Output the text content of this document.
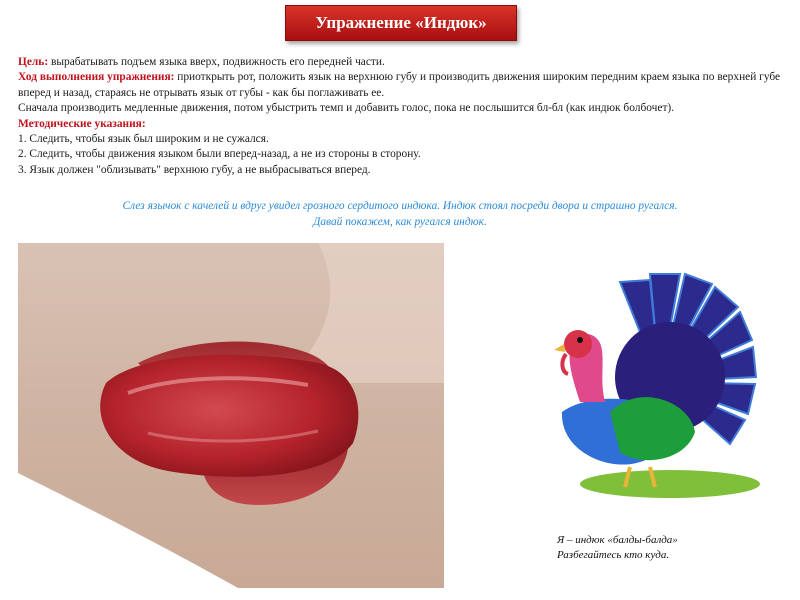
Упражнение «Индюк»

Цель: вырабатывать подъем языка вверх, подвижность его передней части.

Ход выполнения упражнения: приоткрыть рот, положить язык на верхнюю губу и производить движения широким передним краем языка по верхней губе вперед и назад, стараясь не отрывать язык от губы - как бы поглаживать ее.

Сначала производить медленные движения, потом убыстрить темп и добавить голос, пока не послышится бл-бл (как индюк болбочет).

Методические указания:

1. Следить, чтобы язык был широким и не сужался.

2. Следить, чтобы движения языком были вперед-назад, а не из стороны в сторону.

3. Язык должен "облизывать" верхнюю губу, а не выбрасываться вперед.

Слез язычок с качелей и вдруг увидел грозного сердитого индюка. Индюк стоял посреди двора и страшно ругался.

Давай покажем, как ругался индюк.

Я – индюк «балды-балда»

Разбегайтесь кто куда.
